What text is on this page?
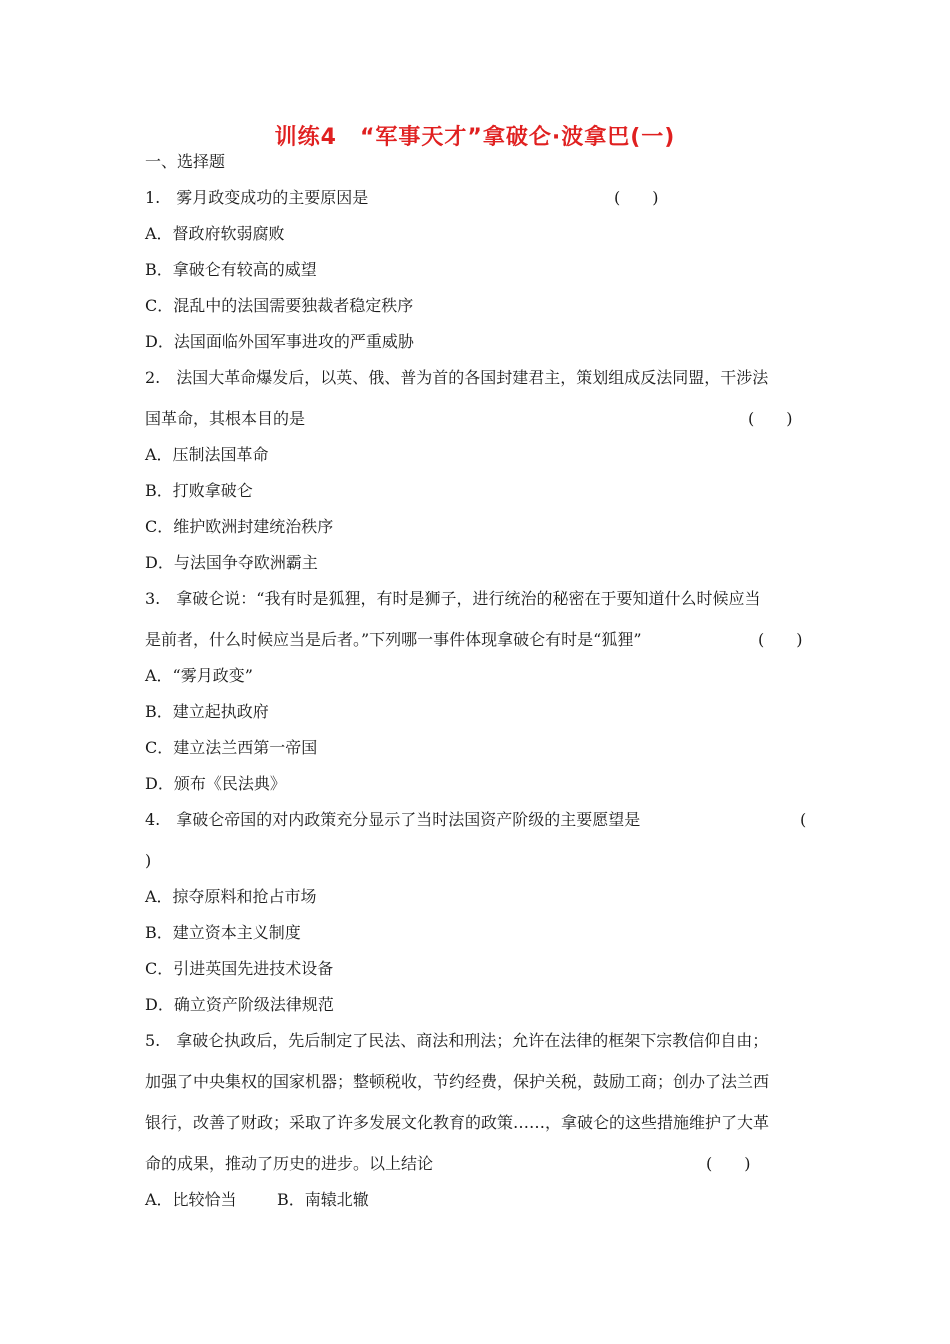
训练4　“军事天才”拿破仑·波拿巴(一)
一、选择题
1.　雾月政变成功的主要原因是	(　　)
A．督政府软弱腐败
B．拿破仑有较高的威望
C．混乱中的法国需要独裁者稳定秩序
D．法国面临外国军事进攻的严重威胁
2.　法国大革命爆发后，以英、俄、普为首的各国封建君主，策划组成反法同盟，干涉法
国革命，其根本目的是	(　　)
A．压制法国革命
B．打败拿破仑
C．维护欧洲封建统治秩序
D．与法国争夺欧洲霸主
3.　拿破仑说：“我有时是狐狸，有时是狮子，进行统治的秘密在于要知道什么时候应当
是前者，什么时候应当是后者。”下列哪一事件体现拿破仑有时是“狐狸”	(　　)
A．“雾月政变”
B．建立起执政府
C．建立法兰西第一帝国
D．颁布《民法典》
4.　拿破仑帝国的对内政策充分显示了当时法国资产阶级的主要愿望是	(
)
A．掠夺原料和抢占市场
B．建立资本主义制度
C．引进英国先进技术设备
D．确立资产阶级法律规范
5.　拿破仑执政后，先后制定了民法、商法和刑法；允许在法律的框架下宗教信仰自由；
加强了中央集权的国家机器；整顿税收，节约经费，保护关税，鼓励工商；创办了法兰西
银行，改善了财政；采取了许多发展文化教育的政策……，拿破仑的这些措施维护了大革
命的成果，推动了历史的进步。以上结论	(　　)
A．比较恰当	B．南辕北辙
